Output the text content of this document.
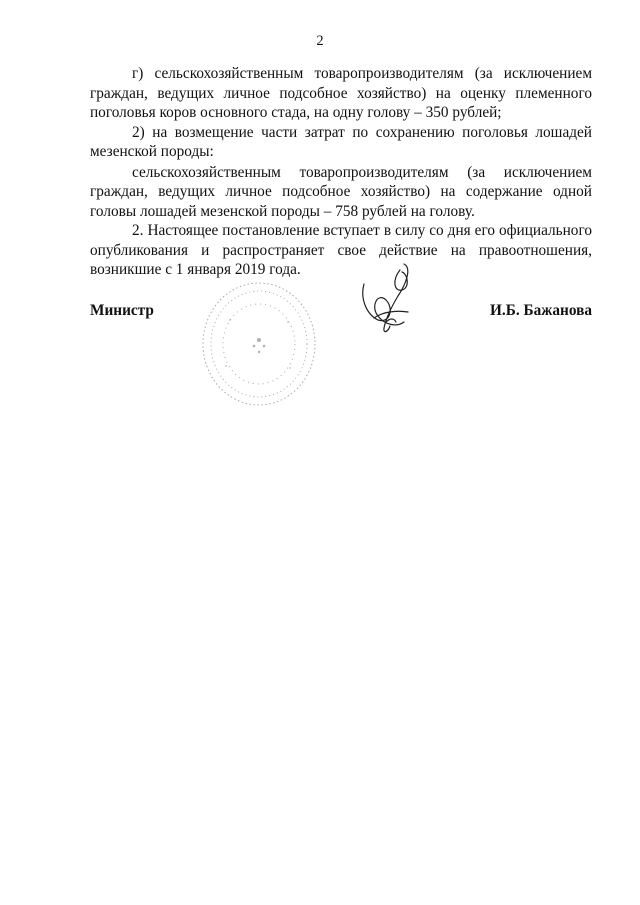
2

г) сельскохозяйственным товаропроизводителям (за исключением граждан, ведущих личное подсобное хозяйство) на оценку племенного поголовья коров основного стада, на одну голову – 350 рублей;

2) на возмещение части затрат по сохранению поголовья лошадей мезенской породы:

сельскохозяйственным товаропроизводителям (за исключением граждан, ведущих личное подсобное хозяйство) на содержание одной головы лошадей мезенской породы – 758 рублей на голову.

2. Настоящее постановление вступает в силу со дня его официального опубликования и распространяет свое действие на правоотношения, возникшие с 1 января 2019 года.

Министр	И.Б. Бажанова
